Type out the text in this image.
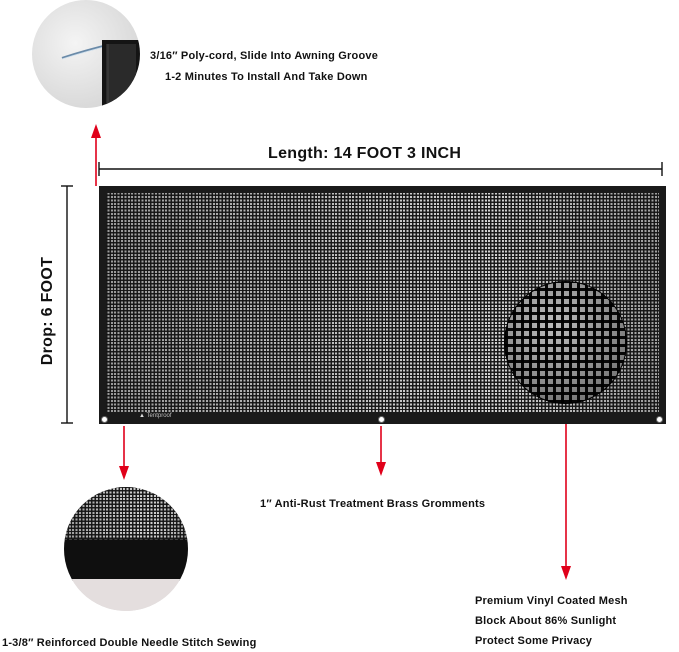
3/16″ Poly-cord, Slide Into Awning Groove
1-2 Minutes To Install And Take Down
Length: 14 FOOT 3 INCH
Drop: 6 FOOT
▲ Tentproof
1″ Anti-Rust Treatment Brass Gromments
1-3/8″ Reinforced Double Needle Stitch Sewing
Premium Vinyl Coated Mesh
Block About 86% Sunlight
Protect Some Privacy
